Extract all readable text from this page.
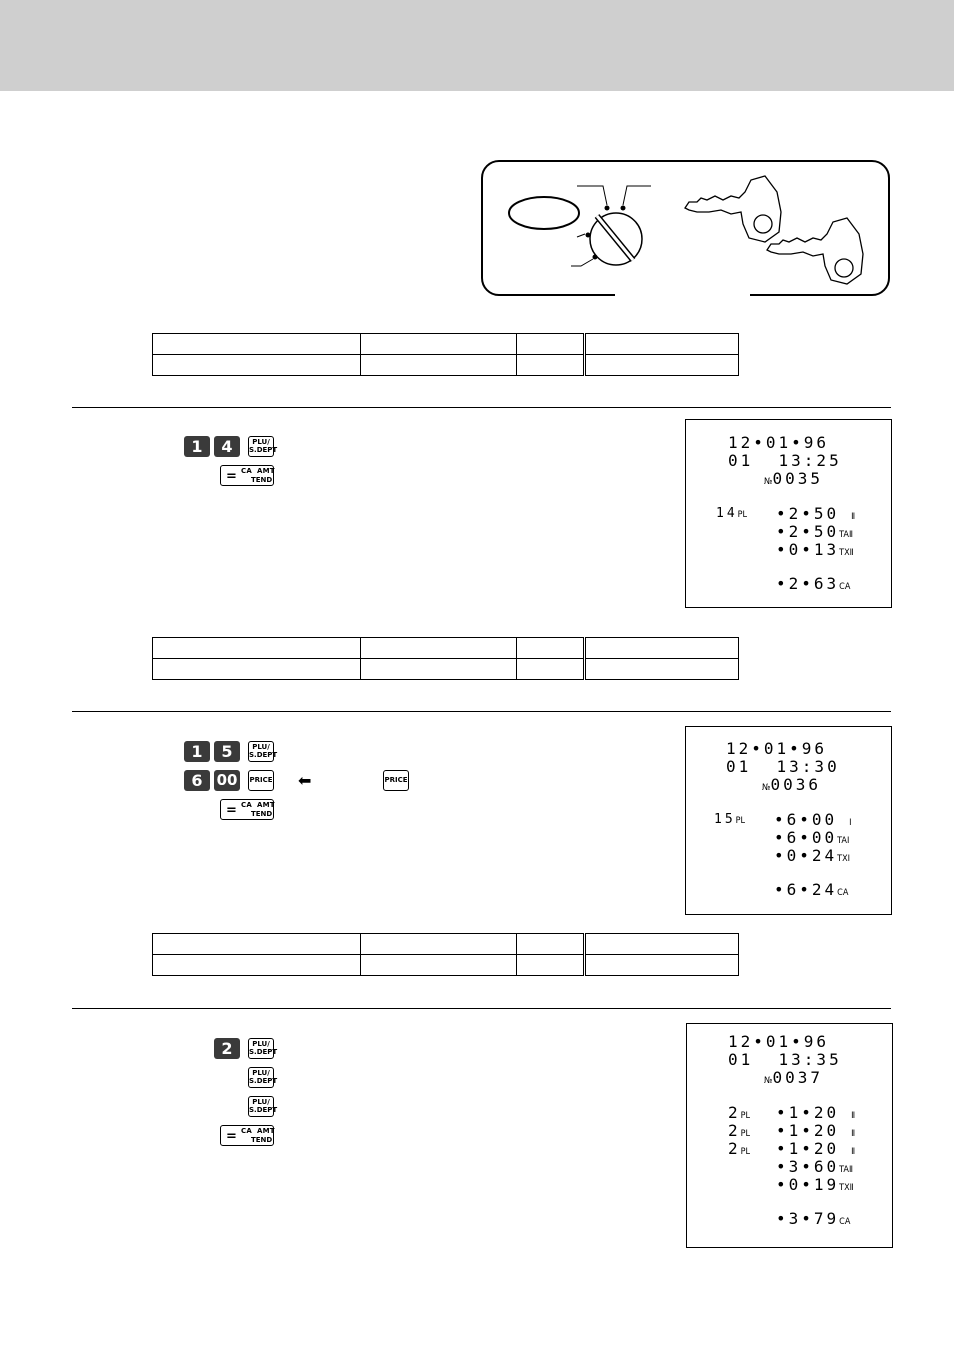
1	4	PLU/
S.DEPT
= CA AMT
TEND
12•01•96
01  13:25
№0035
14PL •2•50 Ⅱ
•2•50TAⅡ
•0•13TXⅡ
•2•63CA

1	5	PLU/
S.DEPT
6 00	PRICE ⬅	PRICE
= CA AMT
TEND
12•01•96
01  13:30
№0036
15PL •6•00 Ⅰ
•6•00TAⅠ
•0•24TXⅠ
•6•24CA

2	PLU/
S.DEPT
PLU/
S.DEPT
PLU/
S.DEPT
= CA AMT
TEND
12•01•96
01  13:35
№0037
2PL •1•20 Ⅱ
2PL •1•20 Ⅱ
2PL •1•20 Ⅱ
•3•60TAⅡ
•0•19TXⅡ
•3•79CA
